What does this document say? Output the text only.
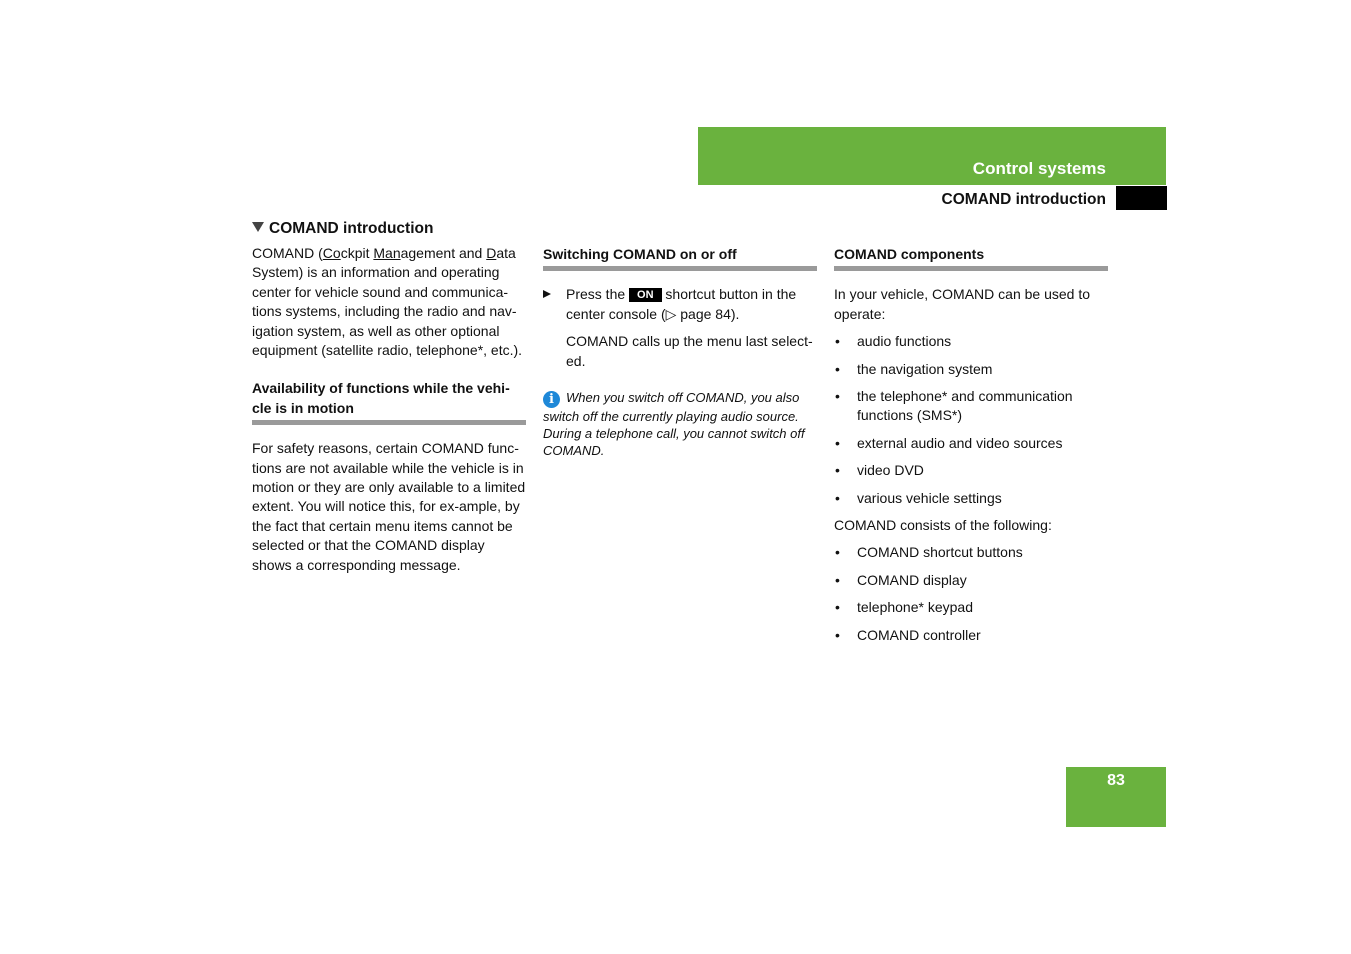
Control systems
COMAND introduction
COMAND introduction

COMAND (Cockpit Management and Data System) is an information and operating center for vehicle sound and communica-tions systems, including the radio and nav-igation system, as well as other optional equipment (satellite radio, telephone*, etc.).

Availability of functions while the vehi-cle is in motion

For safety reasons, certain COMAND func-tions are not available while the vehicle is in motion or they are only available to a limited extent. You will notice this, for ex-ample, by the fact that certain menu items cannot be selected or that the COMAND display shows a corresponding message.

Switching COMAND on or off
Press the ON shortcut button in the center console (▷ page 84).

COMAND calls up the menu last select-ed.

i When you switch off COMAND, you also switch off the currently playing audio source. During a telephone call, you cannot switch off COMAND.

COMAND components

In your vehicle, COMAND can be used to operate:

• audio functions
• the navigation system
• the telephone* and communication functions (SMS*)
• external audio and video sources
• video DVD
• various vehicle settings

COMAND consists of the following:

• COMAND shortcut buttons
• COMAND display
• telephone* keypad
• COMAND controller
83
